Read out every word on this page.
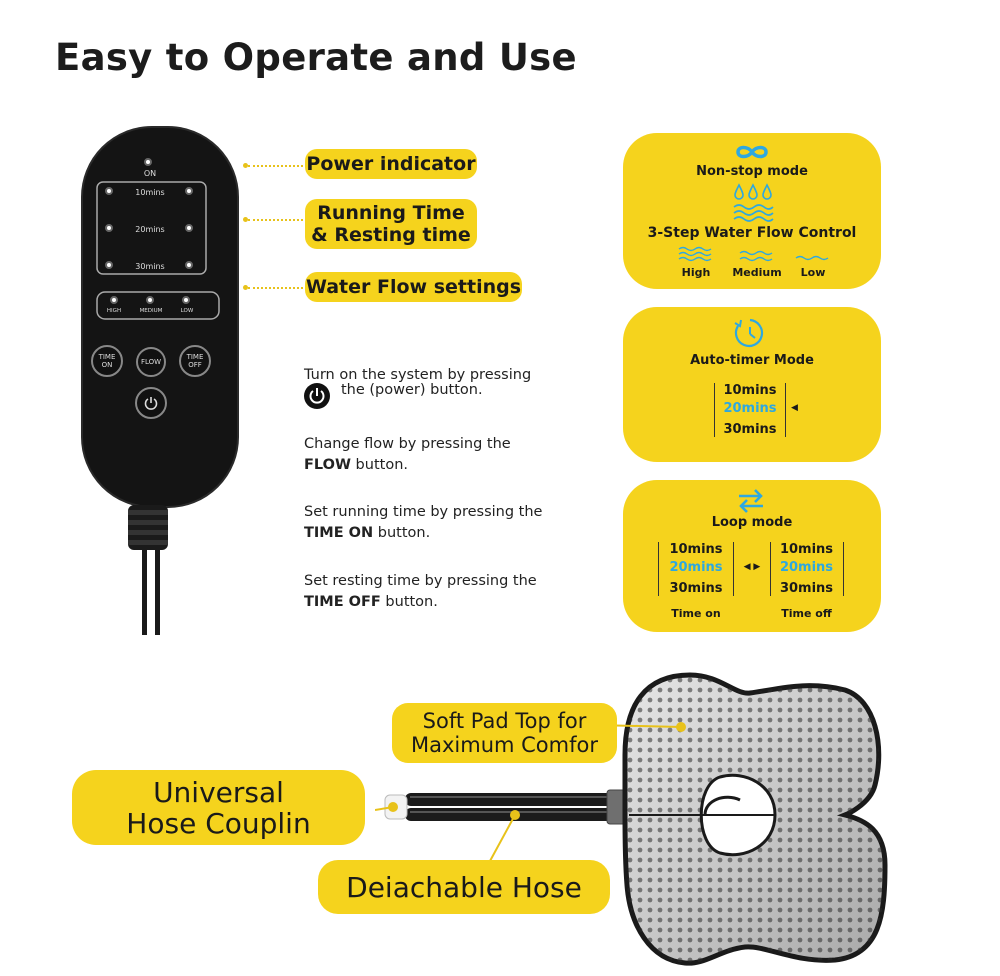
Easy to Operate and Use
ON
10mins
20mins
30mins
HIGH	MEDIUM	LOW
TIME
ON	FLOW
TIME
OFF
Power indicator
Running Time
& Resting time
Water Flow settings
Turn on the system by pressing
the (power) button.
Change flow by pressing the
FLOW button.
Set running time by pressing the
TIME ON button.
Set resting time by pressing the
TIME OFF button.
Non-stop mode
3-Step Water Flow Control
High	Medium	Low
Auto-timer Mode
10mins
20mins
30mins
◀
Loop mode
10mins
20mins
30mins
◀ ▶
10mins
20mins
30mins
Time on	Time off
Soft Pad Top for
Maximum Comfor
Universal
Hose Couplin
Deiachable Hose
